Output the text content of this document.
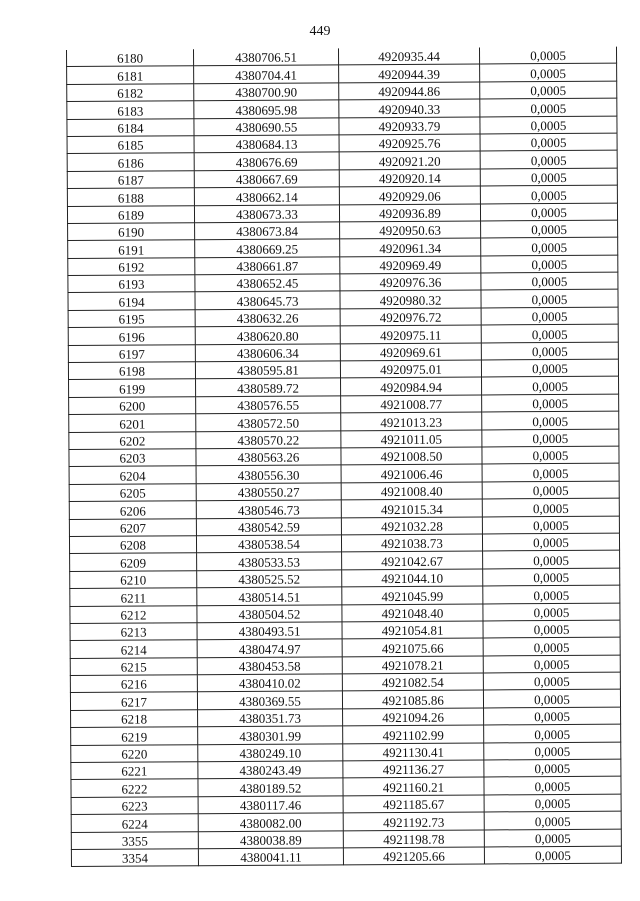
449
6180	4380706.51	4920935.44	0,0005
6181	4380704.41	4920944.39	0,0005
6182	4380700.90	4920944.86	0,0005
6183	4380695.98	4920940.33	0,0005
6184	4380690.55	4920933.79	0,0005
6185	4380684.13	4920925.76	0,0005
6186	4380676.69	4920921.20	0,0005
6187	4380667.69	4920920.14	0,0005
6188	4380662.14	4920929.06	0,0005
6189	4380673.33	4920936.89	0,0005
6190	4380673.84	4920950.63	0,0005
6191	4380669.25	4920961.34	0,0005
6192	4380661.87	4920969.49	0,0005
6193	4380652.45	4920976.36	0,0005
6194	4380645.73	4920980.32	0,0005
6195	4380632.26	4920976.72	0,0005
6196	4380620.80	4920975.11	0,0005
6197	4380606.34	4920969.61	0,0005
6198	4380595.81	4920975.01	0,0005
6199	4380589.72	4920984.94	0,0005
6200	4380576.55	4921008.77	0,0005
6201	4380572.50	4921013.23	0,0005
6202	4380570.22	4921011.05	0,0005
6203	4380563.26	4921008.50	0,0005
6204	4380556.30	4921006.46	0,0005
6205	4380550.27	4921008.40	0,0005
6206	4380546.73	4921015.34	0,0005
6207	4380542.59	4921032.28	0,0005
6208	4380538.54	4921038.73	0,0005
6209	4380533.53	4921042.67	0,0005
6210	4380525.52	4921044.10	0,0005
6211	4380514.51	4921045.99	0,0005
6212	4380504.52	4921048.40	0,0005
6213	4380493.51	4921054.81	0,0005
6214	4380474.97	4921075.66	0,0005
6215	4380453.58	4921078.21	0,0005
6216	4380410.02	4921082.54	0,0005
6217	4380369.55	4921085.86	0,0005
6218	4380351.73	4921094.26	0,0005
6219	4380301.99	4921102.99	0,0005
6220	4380249.10	4921130.41	0,0005
6221	4380243.49	4921136.27	0,0005
6222	4380189.52	4921160.21	0,0005
6223	4380117.46	4921185.67	0,0005
6224	4380082.00	4921192.73	0,0005
3355	4380038.89	4921198.78	0,0005
3354	4380041.11	4921205.66	0,0005
